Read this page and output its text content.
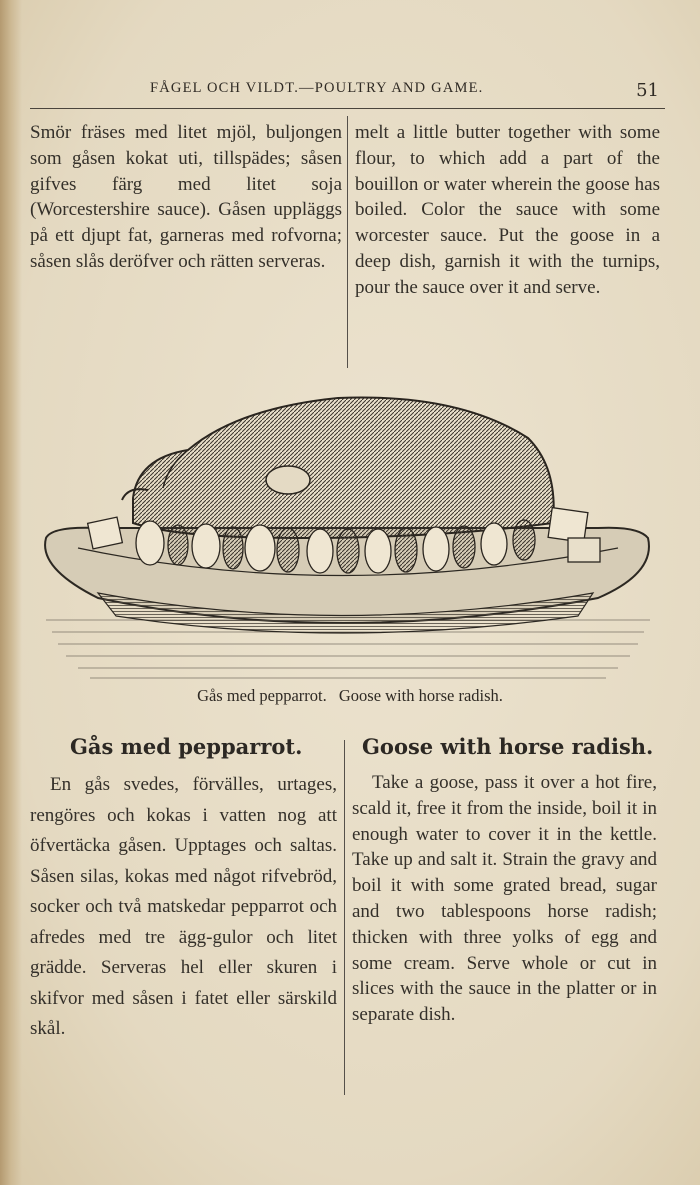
FÅGEL OCH VILDT.—POULTRY AND GAME.	51

Smör fräses med litet mjöl, buljongen som gåsen kokat uti, tillspädes; såsen gifves färg med litet soja (Worcestershire sauce). Gåsen uppläggs på ett djupt fat, garneras med rofvorna; såsen slås deröfver och rätten serveras.

melt a little butter together with some flour, to which add a part of the bouillon or water wherein the goose has boiled. Color the sauce with some worcester sauce. Put the goose in a deep dish, garnish it with the turnips, pour the sauce over it and serve.

Gås med pepparrot. Goose with horse radish.
Gås med pepparrot.	Goose with horse radish.

En gås svedes, förvälles, urtages, rengöres och kokas i vatten nog att öfvertäcka gåsen. Upptages och saltas. Såsen silas, kokas med något rifvebröd, socker och två matskedar pepparrot och afredes med tre ägg-gulor och litet grädde. Serveras hel eller skuren i skifvor med såsen i fatet eller särskild skål.

Take a goose, pass it over a hot fire, scald it, free it from the inside, boil it in enough water to cover it in the kettle. Take up and salt it. Strain the gravy and boil it with some grated bread, sugar and two tablespoons horse radish; thicken with three yolks of egg and some cream. Serve whole or cut in slices with the sauce in the platter or in separate dish.
